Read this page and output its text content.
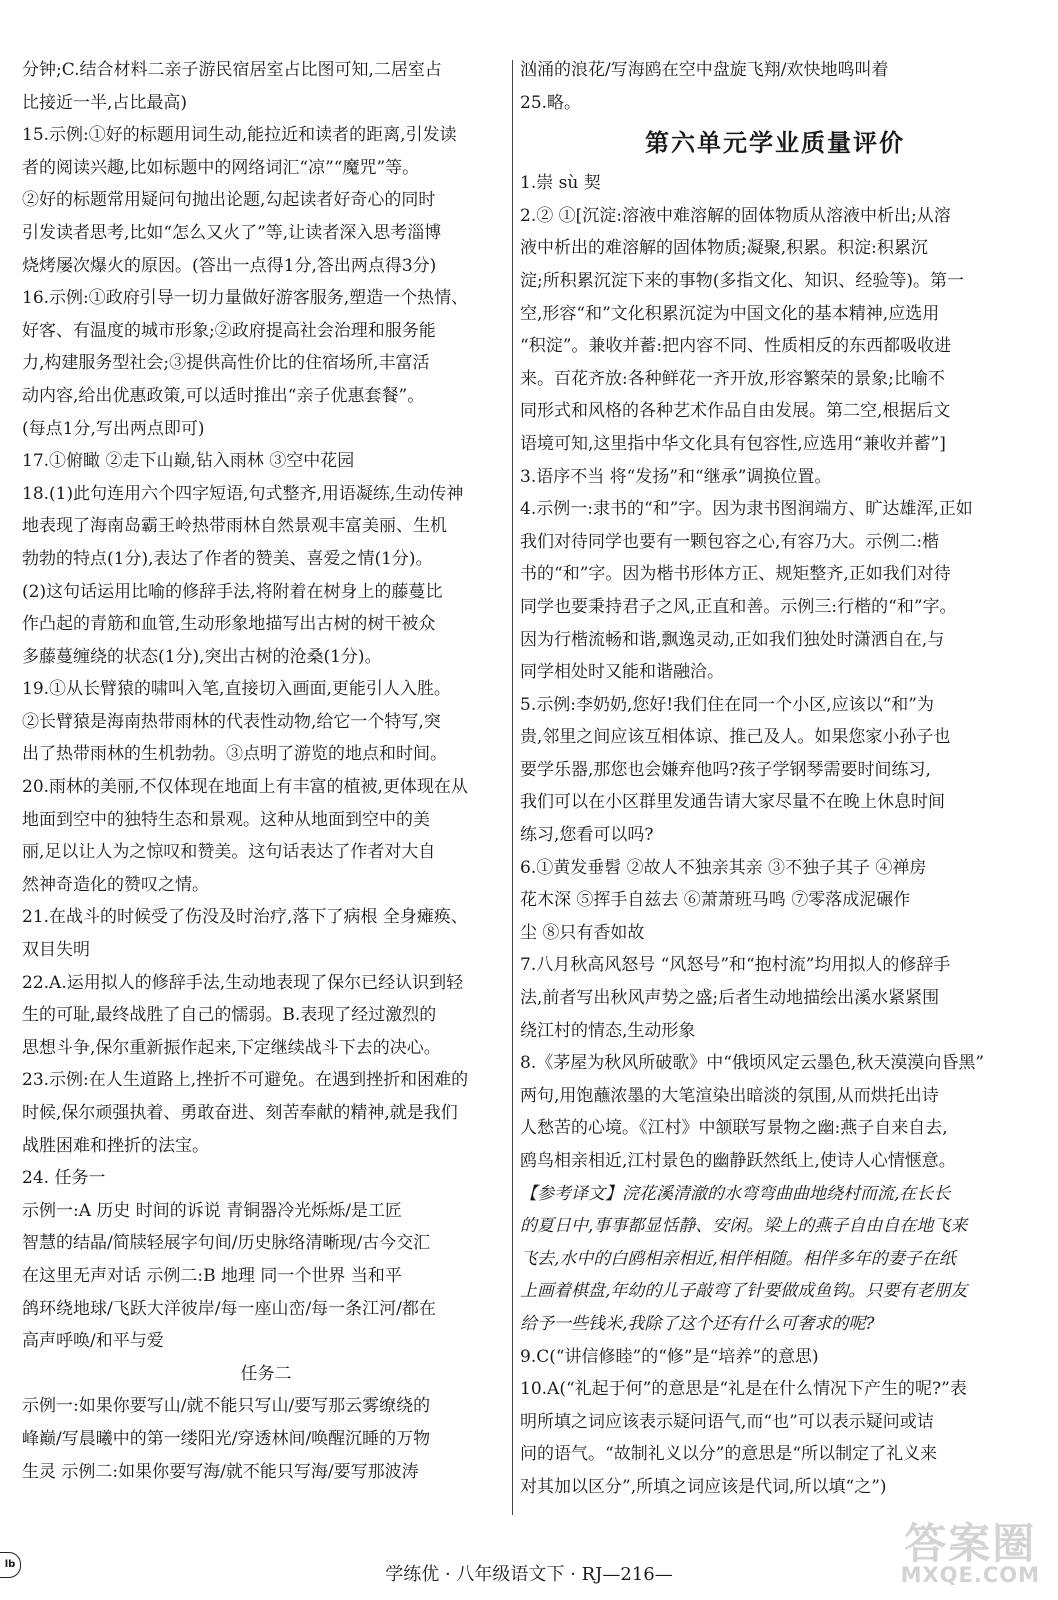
分钟;C.结合材料二亲子游民宿居室占比图可知,二居室占
比接近一半,占比最高)
15.示例:①好的标题用词生动,能拉近和读者的距离,引发读
者的阅读兴趣,比如标题中的网络词汇“凉”“魔咒”等。
②好的标题常用疑问句抛出论题,勾起读者好奇心的同时
引发读者思考,比如“怎么又火了”等,让读者深入思考淄博
烧烤屡次爆火的原因。(答出一点得1分,答出两点得3分)
16.示例:①政府引导一切力量做好游客服务,塑造一个热情、
好客、有温度的城市形象;②政府提高社会治理和服务能
力,构建服务型社会;③提供高性价比的住宿场所,丰富活
动内容,给出优惠政策,可以适时推出“亲子优惠套餐”。
(每点1分,写出两点即可)
17.①俯瞰 ②走下山巅,钻入雨林 ③空中花园
18.(1)此句连用六个四字短语,句式整齐,用语凝练,生动传神
地表现了海南岛霸王岭热带雨林自然景观丰富美丽、生机
勃勃的特点(1分),表达了作者的赞美、喜爱之情(1分)。
(2)这句话运用比喻的修辞手法,将附着在树身上的藤蔓比
作凸起的青筋和血管,生动形象地描写出古树的树干被众
多藤蔓缠绕的状态(1分),突出古树的沧桑(1分)。
19.①从长臂猿的啸叫入笔,直接切入画面,更能引人入胜。
②长臂猿是海南热带雨林的代表性动物,给它一个特写,突
出了热带雨林的生机勃勃。③点明了游览的地点和时间。
20.雨林的美丽,不仅体现在地面上有丰富的植被,更体现在从
地面到空中的独特生态和景观。这种从地面到空中的美
丽,足以让人为之惊叹和赞美。这句话表达了作者对大自
然神奇造化的赞叹之情。
21.在战斗的时候受了伤没及时治疗,落下了病根 全身瘫痪、
双目失明
22.A.运用拟人的修辞手法,生动地表现了保尔已经认识到轻
生的可耻,最终战胜了自己的懦弱。B.表现了经过激烈的
思想斗争,保尔重新振作起来,下定继续战斗下去的决心。
23.示例:在人生道路上,挫折不可避免。在遇到挫折和困难的
时候,保尔顽强执着、勇敢奋进、刻苦奉献的精神,就是我们
战胜困难和挫折的法宝。
24. 任务一
示例一:A 历史 时间的诉说 青铜器冷光烁烁/是工匠
智慧的结晶/简牍轻展字句间/历史脉络清晰现/古今交汇
在这里无声对话 示例二:B 地理 同一个世界 当和平
鸽环绕地球/飞跃大洋彼岸/每一座山峦/每一条江河/都在
高声呼唤/和平与爱
任务二
示例一:如果你要写山/就不能只写山/要写那云雾缭绕的
峰巅/写晨曦中的第一缕阳光/穿透林间/唤醒沉睡的万物
生灵 示例二:如果你要写海/就不能只写海/要写那波涛
汹涌的浪花/写海鸥在空中盘旋飞翔/欢快地鸣叫着
25.略。
第六单元学业质量评价
1.崇 sù 契
2.② ①[沉淀:溶液中难溶解的固体物质从溶液中析出;从溶
液中析出的难溶解的固体物质;凝聚,积累。积淀:积累沉
淀;所积累沉淀下来的事物(多指文化、知识、经验等)。第一
空,形容“和”文化积累沉淀为中国文化的基本精神,应选用
“积淀”。兼收并蓄:把内容不同、性质相反的东西都吸收进
来。百花齐放:各种鲜花一齐开放,形容繁荣的景象;比喻不
同形式和风格的各种艺术作品自由发展。第二空,根据后文
语境可知,这里指中华文化具有包容性,应选用“兼收并蓄”]
3.语序不当 将“发扬”和“继承”调换位置。
4.示例一:隶书的“和”字。因为隶书图润端方、旷达雄浑,正如
我们对待同学也要有一颗包容之心,有容乃大。示例二:楷
书的“和”字。因为楷书形体方正、规矩整齐,正如我们对待
同学也要秉持君子之风,正直和善。示例三:行楷的“和”字。
因为行楷流畅和谐,飘逸灵动,正如我们独处时潇洒自在,与
同学相处时又能和谐融洽。
5.示例:李奶奶,您好!我们住在同一个小区,应该以“和”为
贵,邻里之间应该互相体谅、推己及人。如果您家小孙子也
要学乐器,那您也会嫌弃他吗?孩子学钢琴需要时间练习,
我们可以在小区群里发通告请大家尽量不在晚上休息时间
练习,您看可以吗?
6.①黄发垂髫 ②故人不独亲其亲 ③不独子其子 ④禅房
花木深 ⑤挥手自兹去 ⑥萧萧班马鸣 ⑦零落成泥碾作
尘 ⑧只有香如故
7.八月秋高风怒号 “风怒号”和“抱村流”均用拟人的修辞手
法,前者写出秋风声势之盛;后者生动地描绘出溪水紧紧围
绕江村的情态,生动形象
8.《茅屋为秋风所破歌》中“俄顷风定云墨色,秋天漠漠向昏黑”
两句,用饱蘸浓墨的大笔渲染出暗淡的氛围,从而烘托出诗
人愁苦的心境。《江村》中颔联写景物之幽:燕子自来自去,
鸥鸟相亲相近,江村景色的幽静跃然纸上,使诗人心情惬意。
【参考译文】浣花溪清澈的水弯弯曲曲地绕村而流,在长长
的夏日中,事事都显恬静、安闲。梁上的燕子自由自在地飞来
飞去,水中的白鸥相亲相近,相伴相随。相伴多年的妻子在纸
上画着棋盘,年幼的儿子敲弯了针要做成鱼钩。只要有老朋友
给予一些钱米,我除了这个还有什么可奢求的呢?
9.C(“讲信修睦”的“修”是“培养”的意思)
10.A(“礼起于何”的意思是“礼是在什么情况下产生的呢?”表
明所填之词应该表示疑问语气,而“也”可以表示疑问或诘
问的语气。“故制礼义以分”的意思是“所以制定了礼义来
对其加以区分”,所填之词应该是代词,所以填“之”)
lb	学练优 · 八年级语文下 · RJ—216—
答案圈
MXQE.COM
